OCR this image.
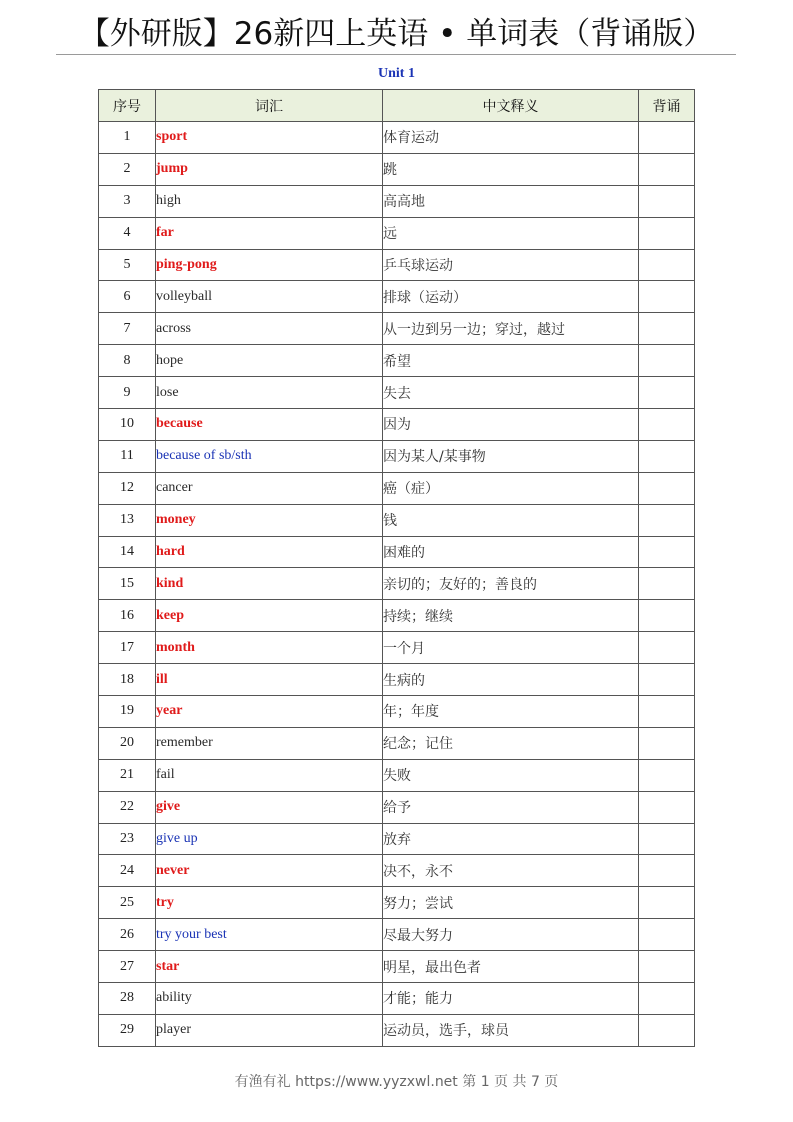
【外研版】26新四上英语 • 单词表（背诵版）
Unit 1
序号	词汇	中文释义	背诵
1	sport	体育运动	
2	jump	跳	
3	high	高高地	
4	far	远	
5	ping-pong	乒乓球运动	
6	volleyball	排球（运动）	
7	across	从一边到另一边；穿过，越过	
8	hope	希望	
9	lose	失去	
10	because	因为	
11	because of sb/sth	因为某人/某事物	
12	cancer	癌（症）	
13	money	钱	
14	hard	困难的	
15	kind	亲切的；友好的；善良的	
16	keep	持续；继续	
17	month	一个月	
18	ill	生病的	
19	year	年；年度	
20	remember	纪念；记住	
21	fail	失败	
22	give	给予	
23	give up	放弃	
24	never	决不，永不	
25	try	努力；尝试	
26	try your best	尽最大努力	
27	star	明星，最出色者	
28	ability	才能；能力	
29	player	运动员，选手，球员	
有渔有礼 https://www.yyzxwl.net 第 1 页 共 7 页
